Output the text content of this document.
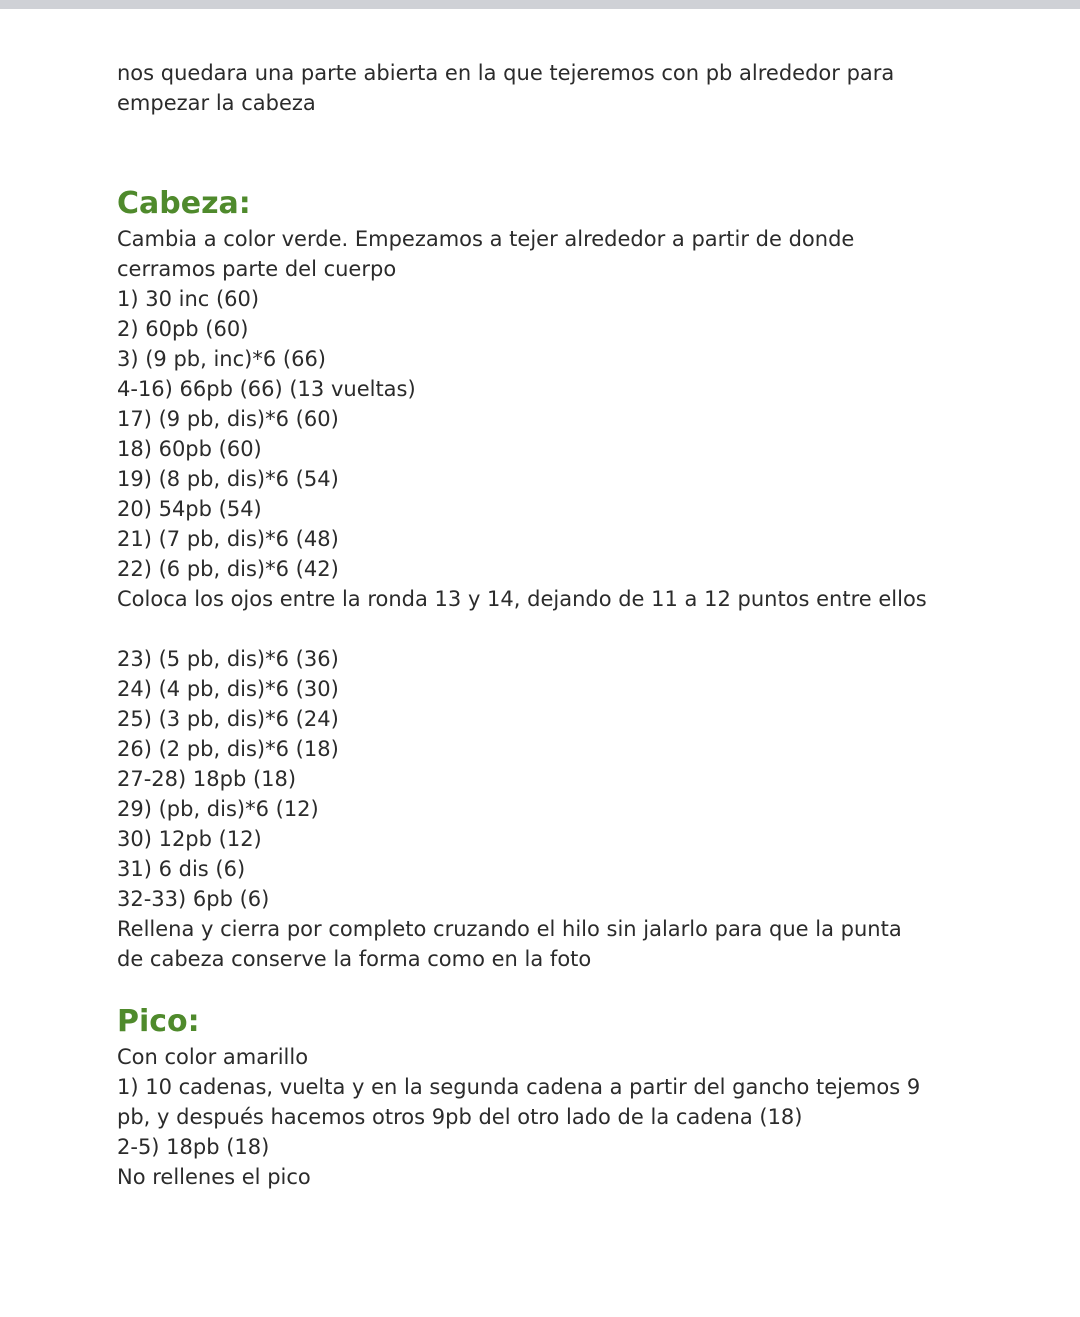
nos quedara una parte abierta en la que tejeremos con pb alrededor para

empezar la cabeza

Cabeza:

Cambia a color verde. Empezamos a tejer alrededor a partir de donde

cerramos parte del cuerpo

1) 30 inc (60)

2) 60pb (60)

3) (9 pb, inc)*6 (66)

4-16) 66pb (66) (13 vueltas)

17) (9 pb, dis)*6 (60)

18) 60pb (60)

19) (8 pb, dis)*6 (54)

20) 54pb (54)

21) (7 pb, dis)*6 (48)

22) (6 pb, dis)*6 (42)

Coloca los ojos entre la ronda 13 y 14, dejando de 11 a 12 puntos entre ellos

23) (5 pb, dis)*6 (36)

24) (4 pb, dis)*6 (30)

25) (3 pb, dis)*6 (24)

26) (2 pb, dis)*6 (18)

27-28) 18pb (18)

29) (pb, dis)*6 (12)

30) 12pb (12)

31) 6 dis (6)

32-33) 6pb (6)

Rellena y cierra por completo cruzando el hilo sin jalarlo para que la punta

de cabeza conserve la forma como en la foto

Pico:

Con color amarillo

1) 10 cadenas, vuelta y en la segunda cadena a partir del gancho tejemos 9

pb, y después hacemos otros 9pb del otro lado de la cadena (18)

2-5) 18pb (18)

No rellenes el pico
